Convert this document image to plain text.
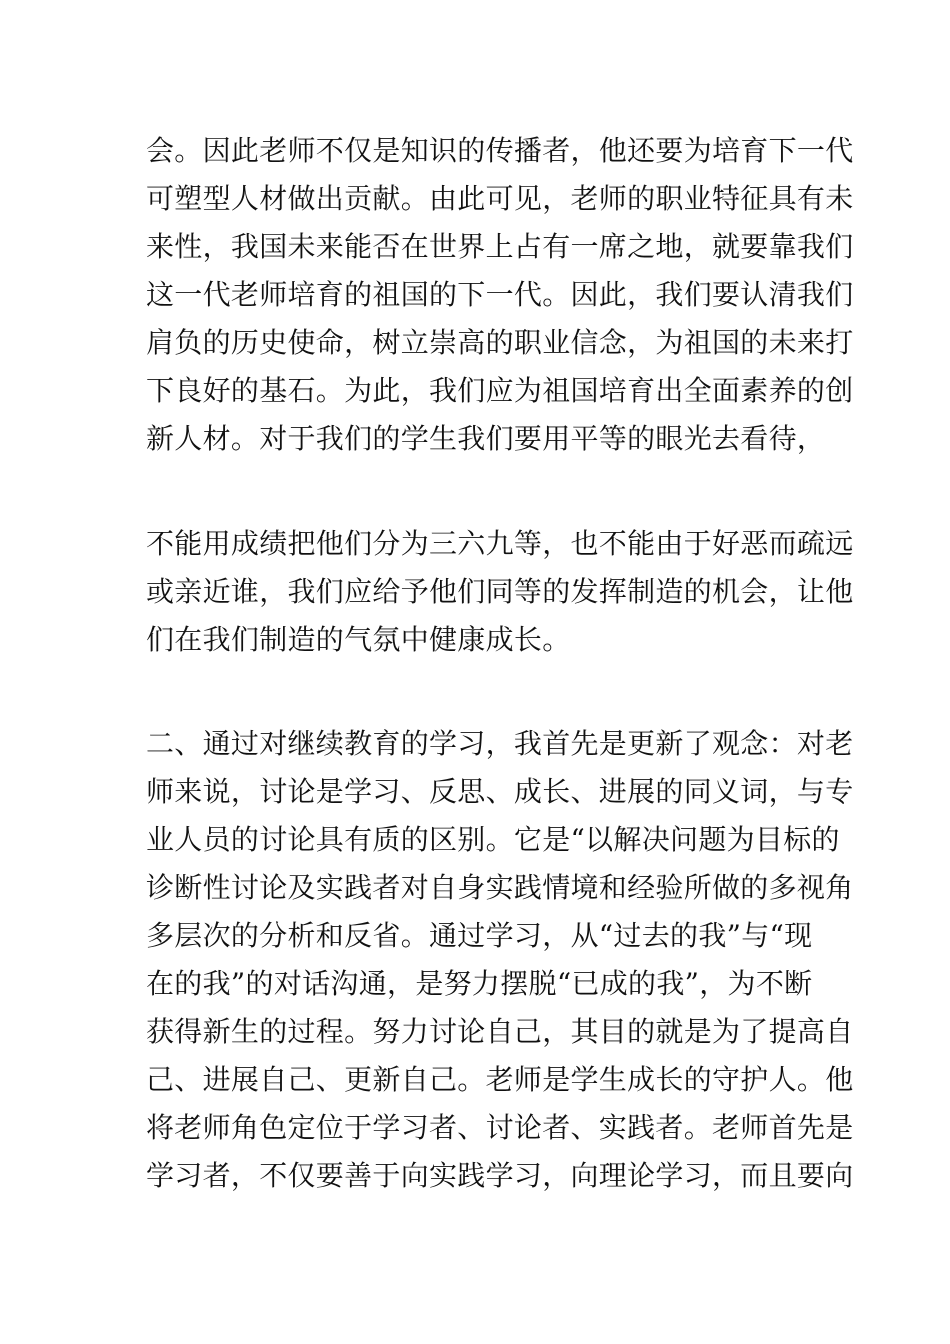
会。因此老师不仅是知识的传播者，他还要为培育下一代
可塑型人材做出贡献。由此可见，老师的职业特征具有未
来性，我国未来能否在世界上占有一席之地，就要靠我们
这一代老师培育的祖国的下一代。因此，我们要认清我们
肩负的历史使命，树立崇高的职业信念，为祖国的未来打
下良好的基石。为此，我们应为祖国培育出全面素养的创
新人材。对于我们的学生我们要用平等的眼光去看待，
不能用成绩把他们分为三六九等，也不能由于好恶而疏远
或亲近谁，我们应给予他们同等的发挥制造的机会，让他
们在我们制造的气氛中健康成长。
二、通过对继续教育的学习，我首先是更新了观念：对老
师来说，讨论是学习、反思、成长、进展的同义词，与专
业人员的讨论具有质的区别。它是“以解决问题为目标的
诊断性讨论及实践者对自身实践情境和经验所做的多视角
多层次的分析和反省。通过学习，从“过去的我”与“现
在的我”的对话沟通，是努力摆脱“已成的我”，为不断
获得新生的过程。努力讨论自己，其目的就是为了提高自
己、进展自己、更新自己。老师是学生成长的守护人。他
将老师角色定位于学习者、讨论者、实践者。老师首先是
学习者，不仅要善于向实践学习，向理论学习，而且要向
